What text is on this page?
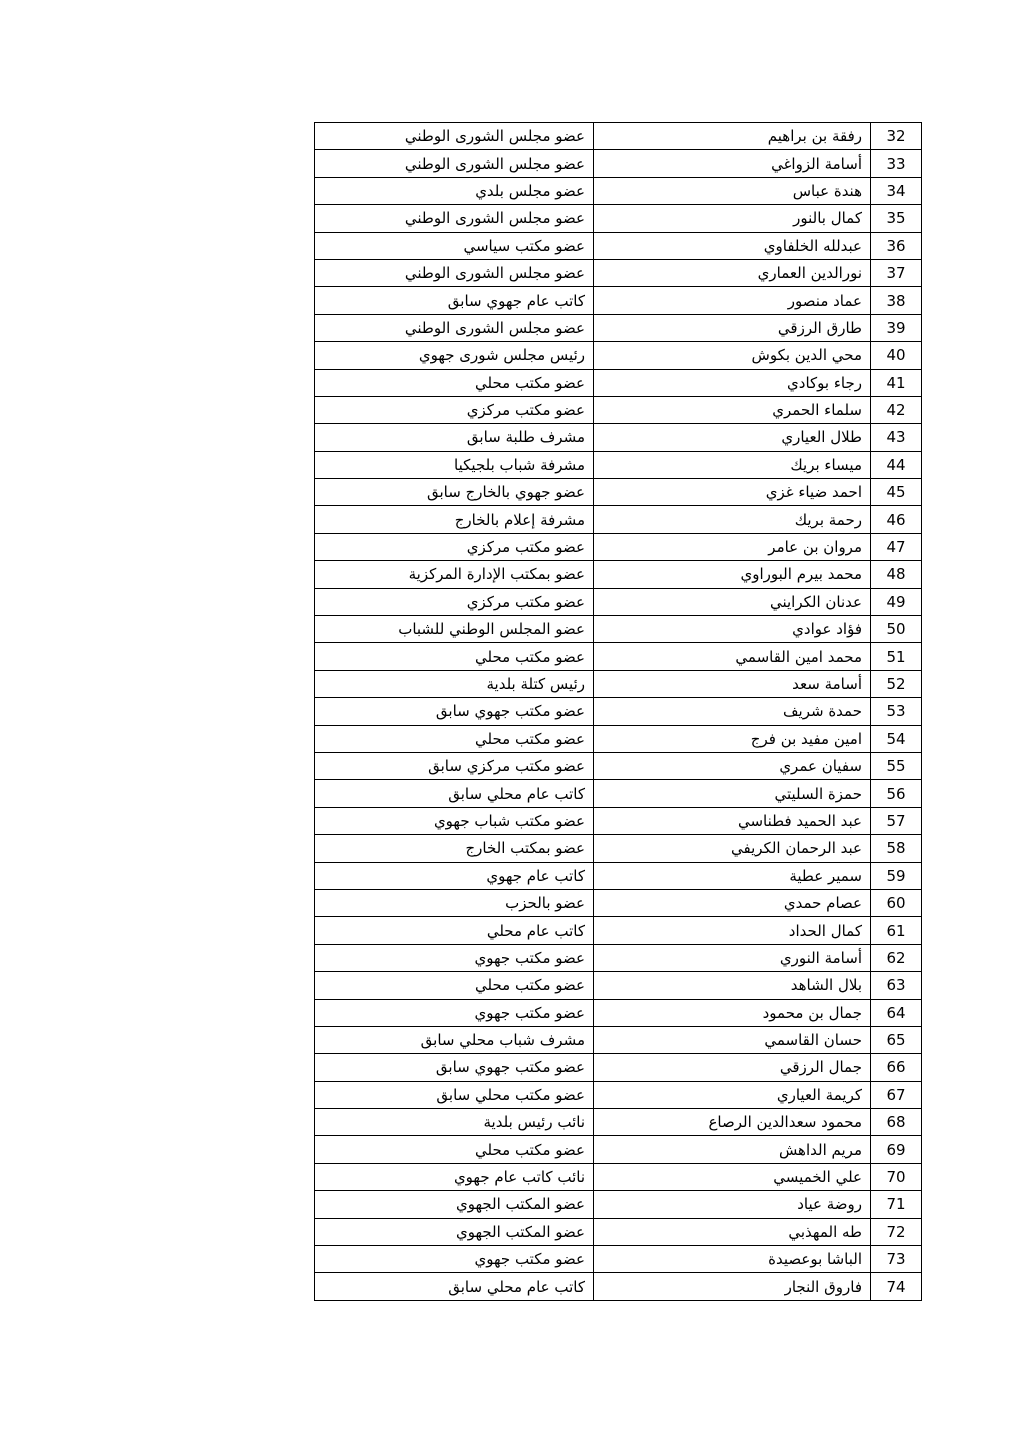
32	رفقة بن براهيم	عضو مجلس الشورى الوطني
33	أسامة الزواغي	عضو مجلس الشورى الوطني
34	هندة عباس	عضو مجلس بلدي
35	كمال بالنور	عضو مجلس الشورى الوطني
36	عبدلله الخلفاوي	عضو مكتب سياسي
37	نورالدين العماري	عضو مجلس الشورى الوطني
38	عماد منصور	كاتب عام جهوي سابق
39	طارق الرزقي	عضو مجلس الشورى الوطني
40	محي الدين بكوش	رئيس مجلس شورى جهوي
41	رجاء بوكادي	عضو مكتب محلي
42	سلماء الحمري	عضو مكتب مركزي
43	طلال العياري	مشرف طلبة سابق
44	ميساء بريك	مشرفة شباب بلجيكيا
45	احمد ضياء غزي	عضو جهوي بالخارج سابق
46	رحمة بريك	مشرفة إعلام بالخارج
47	مروان بن عامر	عضو مكتب مركزي
48	محمد بيرم البوراوي	عضو بمكتب الإدارة المركزية
49	عدنان الكرايني	عضو مكتب مركزي
50	فؤاد عوادي	عضو المجلس الوطني للشباب
51	محمد امين القاسمي	عضو مكتب محلي
52	أسامة سعد	رئيس كتلة بلدية
53	حمدة شريف	عضو مكتب جهوي سابق
54	امين مفيد بن فرج	عضو مكتب محلي
55	سفيان عمري	عضو مكتب مركزي سابق
56	حمزة السليتي	كاتب عام محلي سابق
57	عبد الحميد فطناسي	عضو مكتب شباب جهوي
58	عبد الرحمان الكريفي	عضو بمكتب الخارج
59	سمير عطية	كاتب عام جهوي
60	عصام حمدي	عضو بالحزب
61	كمال الحداد	كاتب عام محلي
62	أسامة النوري	عضو مكتب جهوي
63	بلال الشاهد	عضو مكتب محلي
64	جمال بن محمود	عضو مكتب جهوي
65	حسان القاسمي	مشرف شباب محلي سابق
66	جمال الرزقي	عضو مكتب جهوي سابق
67	كريمة العياري	عضو مكتب محلي سابق
68	محمود سعدالدين الرصاع	نائب رئيس بلدية
69	مريم الداهش	عضو مكتب محلي
70	علي الخميسي	نائب كاتب عام جهوي
71	روضة عياد	عضو المكتب الجهوي
72	طه المهذبي	عضو المكتب الجهوي
73	الباشا بوعصيدة	عضو مكتب جهوي
74	فاروق النجار	كاتب عام محلي سابق
